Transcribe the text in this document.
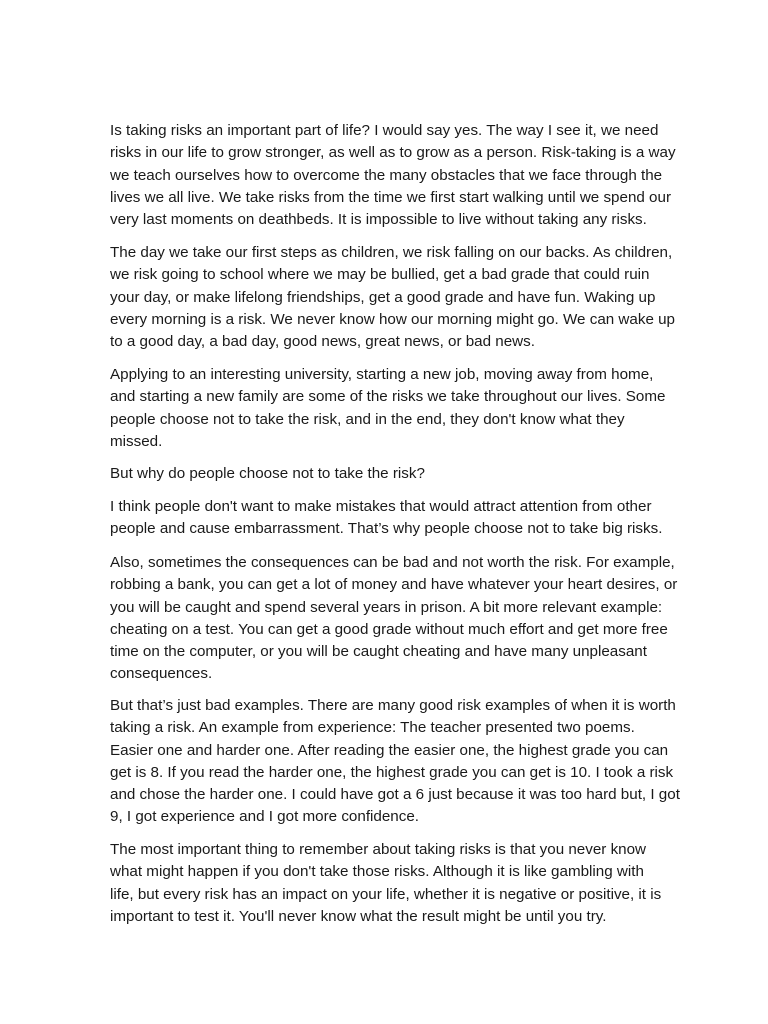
Is taking risks an important part of life? I would say yes. The way I see it, we need
risks in our life to grow stronger, as well as to grow as a person. Risk-taking is a way
we teach ourselves how to overcome the many obstacles that we face through the
lives we all live. We take risks from the time we first start walking until we spend our
very last moments on deathbeds. It is impossible to live without taking any risks.

The day we take our first steps as children, we risk falling on our backs. As children,
we risk going to school where we may be bullied, get a bad grade that could ruin
your day, or make lifelong friendships, get a good grade and have fun. Waking up
every morning is a risk. We never know how our morning might go. We can wake up
to a good day, a bad day, good news, great news, or bad news.

Applying to an interesting university, starting a new job, moving away from home,
and starting a new family are some of the risks we take throughout our lives. Some
people choose not to take the risk, and in the end, they don't know what they
missed.

But why do people choose not to take the risk?

I think people don't want to make mistakes that would attract attention from other
people and cause embarrassment. That’s why people choose not to take big risks.

Also, sometimes the consequences can be bad and not worth the risk. For example,
robbing a bank, you can get a lot of money and have whatever your heart desires, or
you will be caught and spend several years in prison. A bit more relevant example:
cheating on a test. You can get a good grade without much effort and get more free
time on the computer, or you will be caught cheating and have many unpleasant
consequences.

But that’s just bad examples. There are many good risk examples of when it is worth
taking a risk. An example from experience: The teacher presented two poems.
Easier one and harder one. After reading the easier one, the highest grade you can
get is 8. If you read the harder one, the highest grade you can get is 10. I took a risk
and chose the harder one. I could have got a 6 just because it was too hard but, I got
9, I got experience and I got more confidence.

The most important thing to remember about taking risks is that you never know
what might happen if you don't take those risks. Although it is like gambling with
life, but every risk has an impact on your life, whether it is negative or positive, it is
important to test it. You'll never know what the result might be until you try.
